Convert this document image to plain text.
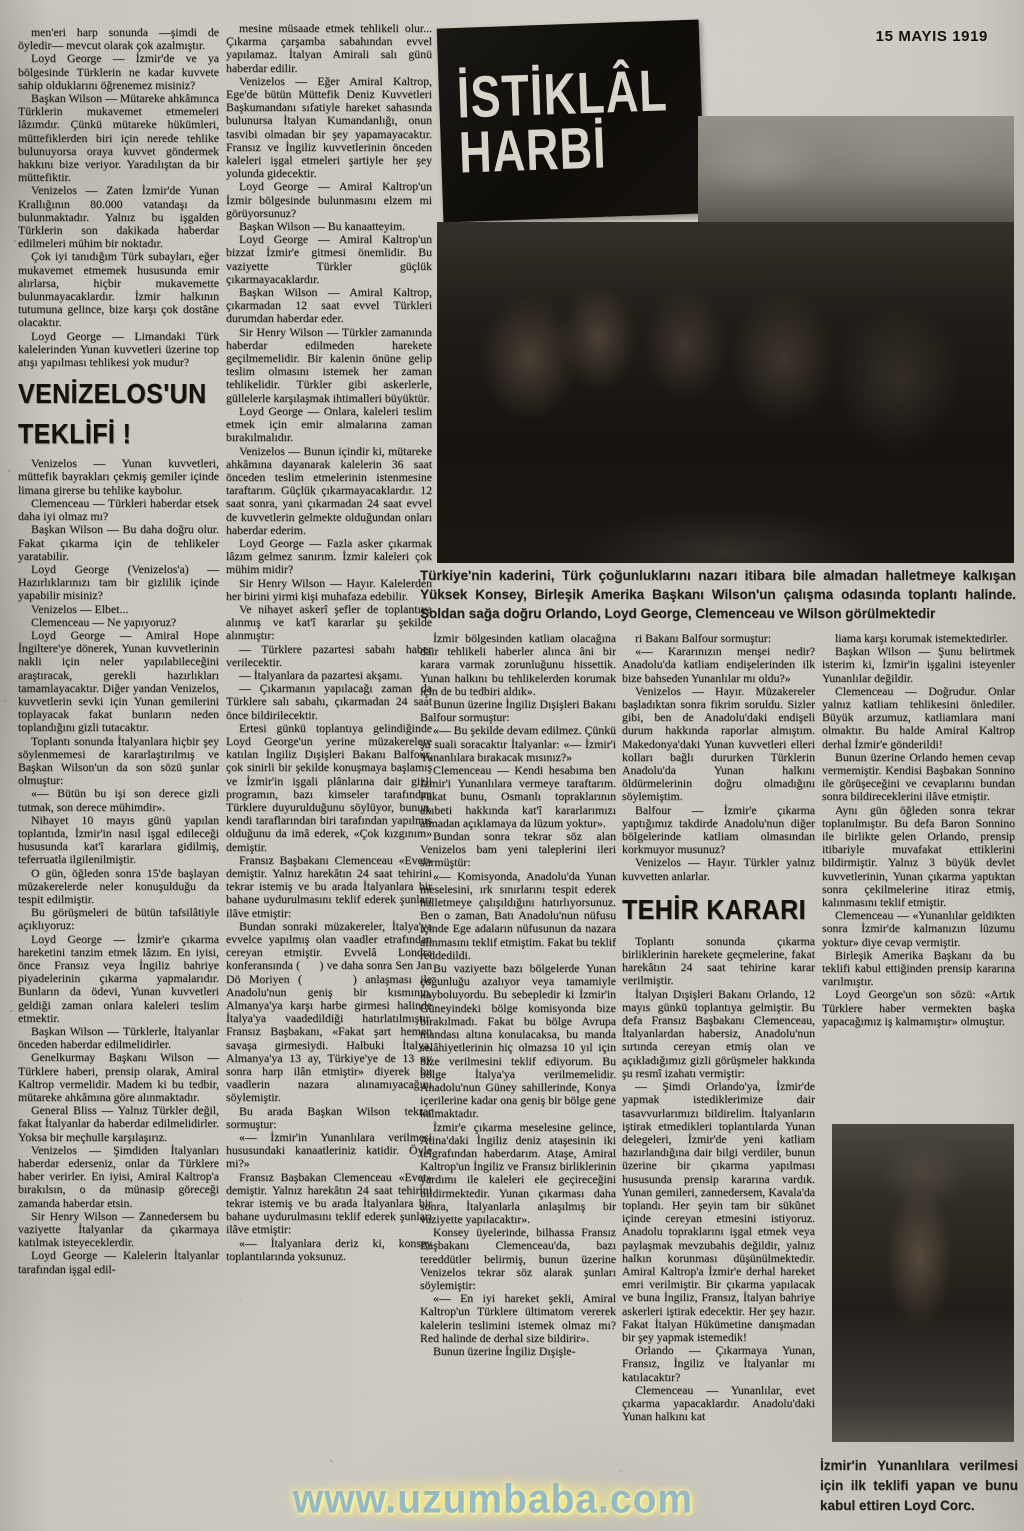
15 MAYIS 1919
İSTİKLÂL
HARBİ
Türkiye'nin kaderini, Türk çoğunluklarını nazarı itibara bile almadan halletmeye kalkışan Yüksek Konsey, Birleşik Amerika Başkanı Wilson'un çalışma odasında toplantı halinde. Soldan sağa doğru Orlando, Loyd George, Clemenceau ve Wilson görülmektedir
men'eri harp sonunda —şimdi de öyledir— mevcut olarak çok azalmıştır.
Loyd George — İzmir'de ve ya bölgesinde Türklerin ne kadar kuvvete sahip olduklarını öğrenemez misiniz?
Başkan Wilson — Mütareke ahkâmınca Türklerin mukavemet etmemeleri lâzımdır. Çünkü mütareke hükümleri, müttefiklerden biri için nerede tehlike bulunuyorsa oraya kuvvet göndermek hakkını bize veriyor. Yaradılıştan da bir müttefiktir.
Venizelos — Zaten İzmir'de Yunan Krallığının 80.000 vatandaşı da bulunmaktadır. Yalnız bu işgalden Türklerin son dakikada haberdar edilmeleri mühim bir noktadır.
Çok iyi tanıdığım Türk subayları, eğer mukavemet etmemek hususunda emir alırlarsa, hiçbir mukavemette bulunmayacaklardır. İzmir halkının tutumuna gelince, bize karşı çok dostâne olacaktır.
Loyd George — Limandaki Türk kalelerinden Yunan kuvvetleri üzerine top atışı yapılması tehlikesi yok mudur?
VENİZELOS'UN TEKLİFİ !
Venizelos — Yunan kuvvetleri, müttefik bayrakları çekmiş gemiler içinde limana girerse bu tehlike kaybolur.
Clemenceau — Türkleri haberdar etsek daha iyi olmaz mı?
Başkan Wilson — Bu daha doğru olur. Fakat çıkarma için de tehlikeler yaratabilir.
Loyd George (Venizelos'a) — Hazırlıklarınızı tam bir gizlilik içinde yapabilir misiniz?
Venizelos — Elbet...
Clemenceau — Ne yapıyoruz?
Loyd George — Amiral Hope İngiltere'ye dönerek, Yunan kuvvetlerinin nakli için neler yapılabileceğini araştıracak, gerekli hazırlıkları tamamlayacaktır. Diğer yandan Venizelos, kuvvetlerin sevki için Yunan gemilerini toplayacak fakat bunların neden toplandığını gizli tutacaktır.
Toplantı sonunda İtalyanlara hiçbir şey söylenmemesi de kararlaştırılmış ve Başkan Wilson'un da son sözü şunlar olmuştur:
«— Bütün bu işi son derece gizli tutmak, son derece mühimdir».
Nihayet 10 mayıs günü yapılan toplantıda, İzmir'in nasıl işgal edileceği hususunda kat'î kararlara gidilmiş, teferruatla ilgilenilmiştir.
O gün, öğleden sonra 15'de başlayan müzakerelerde neler konuşulduğu da tespit edilmiştir.
Bu görüşmeleri de bütün tafsilâtiyle açıklıyoruz:
Loyd George — İzmir'e çıkarma hareketini tanzim etmek lâzım. En iyisi, önce Fransız veya İngiliz bahriye piyadelerinin çıkarma yapmalarıdır. Bunların da ödevi, Yunan kuvvetleri geldiği zaman onlara kaleleri teslim etmektir.
Başkan Wilson — Türklerle, İtalyanlar önceden haberdar edilmelidirler.
Genelkurmay Başkanı Wilson — Türklere haberi, prensip olarak, Amiral Kaltrop vermelidir. Madem ki bu tedbir, mütareke ahkâmına göre alınmaktadır.
General Bliss — Yalnız Türkler değil, fakat İtalyanlar da haberdar edilmelidirler. Yoksa bir meçhulle karşılaşırız.
Venizelos — Şimdiden İtalyanları haberdar ederseniz, onlar da Türklere haber verirler. En iyisi, Amiral Kaltrop'a bırakılsın, o da münasip göreceği zamanda haberdar etsin.
Sir Henry Wilson — Zannedersem bu vaziyette İtalyanlar da çıkarmaya katılmak isteyeceklerdir.
Loyd George — Kalelerin İtalyanlar tarafından işgal edil-
mesine müsaade etmek tehlikeli olur... Çıkarma çarşamba sabahından evvel yapılamaz. İtalyan Amirali salı günü haberdar edilir.
Venizelos — Eğer Amiral Kaltrop, Ege'de bütün Müttefik Deniz Kuvvetleri Başkumandanı sıfatiyle hareket sahasında bulunursa İtalyan Kumandanlığı, onun tasvibi olmadan bir şey yapamayacaktır. Fransız ve İngiliz kuvvetlerinin önceden kaleleri işgal etmeleri şartiyle her şey yolunda gidecektir.
Loyd George — Amiral Kaltrop'un İzmir bölgesinde bulunmasını elzem mi görüyorsunuz?
Başkan Wilson — Bu kanaatteyim.
Loyd George — Amiral Kaltrop'un bizzat İzmir'e gitmesi önemlidir. Bu vaziyette Türkler güçlük çıkarmayacaklardır.
Başkan Wilson — Amiral Kaltrop, çıkarmadan 12 saat evvel Türkleri durumdan haberdar eder.
Sir Henry Wilson — Türkler zamanında haberdar edilmeden harekete geçilmemelidir. Bir kalenin önüne gelip teslim olmasını istemek her zaman tehlikelidir. Türkler gibi askerlerle, güllelerle karşılaşmak ihtimalleri büyüktür.
Loyd George — Onlara, kaleleri teslim etmek için emir almalarına zaman bırakılmalıdır.
Venizelos — Bunun içindir ki, mütareke ahkâmına dayanarak kalelerin 36 saat önceden teslim etmelerinin istenmesine taraftarım. Güçlük çıkarmayacaklardır. 12 saat sonra, yani çıkarmadan 24 saat evvel de kuvvetlerin gelmekte olduğundan onları haberdar ederim.
Loyd George — Fazla asker çıkarmak lâzım gelmez sanırım. İzmir kaleleri çok mühim midir?
Sir Henry Wilson — Hayır. Kalelerden her birini yirmi kişi muhafaza edebilir.
Ve nihayet askerî şefler de toplantıya alınmış ve kat'î kararlar şu şekilde alınmıştır:
— Türklere pazartesi sabahı haber verilecektir.
— İtalyanlara da pazartesi akşamı.
— Çıkarmanın yapılacağı zaman da Türklere salı sabahı, çıkarmadan 24 saat önce bildirilecektir.
Ertesi günkü toplantıya gelindiğinde Loyd George'un yerine müzakerelere katılan İngiliz Dışişleri Bakanı Balfour, çok sinirli bir şekilde konuşmaya başlamış ve İzmir'in işgali plânlarına dair gizli programın, bazı kimseler tarafından Türklere duyurulduğunu söylüyor, bunun, kendi taraflarından biri tarafından yapılmış olduğunu da imâ ederek, «Çok kızgınım» demiştir.
Fransız Başbakanı Clemenceau «Evet» demiştir. Yalnız harekâtın 24 saat tehirini tekrar istemiş ve bu arada İtalyanlara bir bahane uydurulmasını teklif ederek şunları ilâve etmiştir:
Bundan sonraki müzakereler, İtalya'ya evvelce yapılmış olan vaadler etrafından cereyan etmiştir. Evvelâ Londra konferansında (      ) ve daha sonra Sen Jan Dö Moriyen (      ) anlaşması ile Anadolu'nun geniş bir kısmının, Almanya'ya karşı harbe girmesi halinde İtalya'ya vaadedildiği hatırlatılmıştır. Fransız Başbakanı, «Fakat şart hemen savaşa girmesiydi. Halbuki İtalya, Almanya'ya 13 ay, Türkiye'ye de 13 ay sonra harp ilân etmiştir» diyerek bu vaadlerin nazara alınamıyacağını söylemiştir.
Bu arada Başkan Wilson tekrar sormuştur:
«— İzmir'in Yunanlılara verilmesi hususundaki kanaatleriniz katidir. Öyle mi?»
Fransız Başbakan Clemenceau «Evet» demiştir. Yalnız harekâtın 24 saat tehirini tekrar istemiş ve bu arada İtalyanlara bir bahane uydurulmasını teklif ederek şunları ilâve etmiştir:
«— İtalyanlara deriz ki, konsey toplantılarında yoksunuz.
İzmir bölgesinden katliam olacağına dair tehlikeli haberler alınca âni bir karara varmak zorunluğunu hissettik. Yunan halkını bu tehlikelerden korumak için de bu tedbiri aldık».
Bunun üzerine İngiliz Dışişleri Bakanı Balfour sormuştur:
«— Bu şekilde devam edilmez. Çünkü şu suali soracaktır İtalyanlar: «— İzmir'i Yunanlılara bırakacak mısınız?»
Clemenceau — Kendi hesabıma ben İzmir'i Yunanlılara vermeye taraftarım. Fakat bunu, Osmanlı topraklarının akıbeti hakkında kat'î kararlarımızı almadan açıklamaya da lüzum yoktur».
Bundan sonra tekrar söz alan Venizelos bam yeni taleplerini ileri sürmüştür:
«— Komisyonda, Anadolu'da Yunan meselesini, ırk sınırlarını tespit ederek halletmeye çalışıldığını hatırlıyorsunuz. Ben o zaman, Batı Anadolu'nun nüfusu içinde Ege adaların nüfusunun da nazara alınmasını teklif etmiştim. Fakat bu teklif reddedildi.
Bu vaziyette bazı bölgelerde Yunan çoğunluğu azalıyor veya tamamiyle kayboluyordu. Bu sebepledir ki İzmir'in Güneyindeki bölge komisyonda bize bırakılmadı. Fakat bu bölge Avrupa mandası altına konulacaksa, bu manda selâhiyetlerinin hiç olmazsa 10 yıl için bize verilmesini teklif ediyorum. Bu bölge İtalya'ya verilmemelidir. Anadolu'nun Güney sahillerinde, Konya içerilerine kadar ona geniş bir bölge gene kalmaktadır.
İzmir'e çıkarma meselesine gelince, Atina'daki İngiliz deniz ataşesinin iki telgrafından haberdarım. Ataşe, Amiral Kaltrop'un İngiliz ve Fransız birliklerinin yardımı ile kaleleri ele geçireceğini bildirmektedir. Yunan çıkarması daha sonra, İtalyanlarla anlaşılmış bir vaziyette yapılacaktır».
Konsey üyelerinde, bilhassa Fransız Başbakanı Clemenceau'da, bazı tereddütler belirmiş, bunun üzerine Venizelos tekrar söz alarak şunları söylemiştir:
«— En iyi hareket şekli, Amiral Kaltrop'un Türklere ültimatom vererek kalelerin teslimini istemek olmaz mı? Red halinde de derhal size bildirir».
Bunun üzerine İngiliz Dışişle-
ri Bakanı Balfour sormuştur:
«— Kararınızın menşei nedir? Anadolu'da katliam endişelerinden ilk bize bahseden Yunanlılar mı oldu?»
Venizelos — Hayır. Müzakereler başladıktan sonra fikrim soruldu. Sizler gibi, ben de Anadolu'daki endişeli durum hakkında raporlar almıştım. Makedonya'daki Yunan kuvvetleri elleri kolları bağlı dururken Türklerin Anadolu'da Yunan halkını öldürmelerinin doğru olmadığını söylemiştim.
Balfour — İzmir'e çıkarma yaptığımız takdirde Anadolu'nun diğer bölgelerinde katliam olmasından korkmuyor musunuz?
Venizelos — Hayır. Türkler yalnız kuvvetten anlarlar.
TEHİR KARARI
Toplantı sonunda çıkarma birliklerinin harekete geçmelerine, fakat harekâtın 24 saat tehirine karar verilmiştir.
İtalyan Dışişleri Bakanı Orlando, 12 mayıs günkü toplantıya gelmiştir. Bu defa Fransız Başbakanı Clemenceau, İtalyanlardan habersiz, Anadolu'nun sırtında cereyan etmiş olan ve açıkladığımız gizli görüşmeler hakkında şu resmî izahatı vermiştir:
— Şimdi Orlando'ya, İzmir'de yapmak istediklerimize dair tasavvurlarımızı bildirelim. İtalyanların iştirak etmedikleri toplantılarda Yunan delegeleri, İzmir'de yeni katliam hazırlandığına dair bilgi verdiler, bunun üzerine bir çıkarma yapılması hususunda prensip kararına vardık. Yunan gemileri, zannedersem, Kavala'da toplandı. Her şeyin tam bir sükûnet içinde cereyan etmesini istiyoruz. Anadolu topraklarını işgal etmek veya paylaşmak mevzubahis değildir, yalnız halkın korunması düşünülmektedir. Amiral Kaltrop'a İzmir'e derhal hareket emri verilmiştir. Bir çıkarma yapılacak ve buna İngiliz, Fransız, İtalyan bahriye askerleri iştirak edecektir. Her şey hazır. Fakat İtalyan Hükümetine danışmadan bir şey yapmak istemedik!
Orlando — Çıkarmaya Yunan, Fransız, İngiliz ve İtalyanlar mı katılacaktır?
Clemenceau — Yunanlılar, evet çıkarma yapacaklardır. Anadolu'daki Yunan halkını kat
liama karşı korumak istemektedirler.
Başkan Wilson — Şunu belirtmek isterim ki, İzmir'in işgalini isteyenler Yunanlılar değildir.
Clemenceau — Doğrudur. Onlar yalnız katliam tehlikesini önlediler. Büyük arzumuz, katliamlara mani olmaktır. Bu halde Amiral Kaltrop derhal İzmir'e gönderildi!
Bunun üzerine Orlando hemen cevap vermemiştir. Kendisi Başbakan Sonnino ile görüşeceğini ve cevaplarını bundan sonra bildireceklerini ilâve etmiştir.
Aynı gün öğleden sonra tekrar toplanılmıştır. Bu defa Baron Sonnino ile birlikte gelen Orlando, prensip itibariyle muvafakat ettiklerini bildirmiştir. Yalnız 3 büyük devlet kuvvetlerinin, Yunan çıkarma yaptıktan sonra çekilmelerine itiraz etmiş, kalınmasını teklif etmiştir.
Clemenceau — «Yunanlılar geldikten sonra İzmir'de kalmanızın lüzumu yoktur» diye cevap vermiştir.
Birleşik Amerika Başkanı da bu teklifi kabul ettiğinden prensip kararına varılmıştır.
Loyd George'un son sözü: «Artık Türklere haber vermekten başka yapacağımız iş kalmamıştır» olmuştur.
İzmir'in Yunanlılara verilmesi için ilk teklifi yapan ve bunu kabul ettiren Loyd Corc.
www.uzumbaba.com
